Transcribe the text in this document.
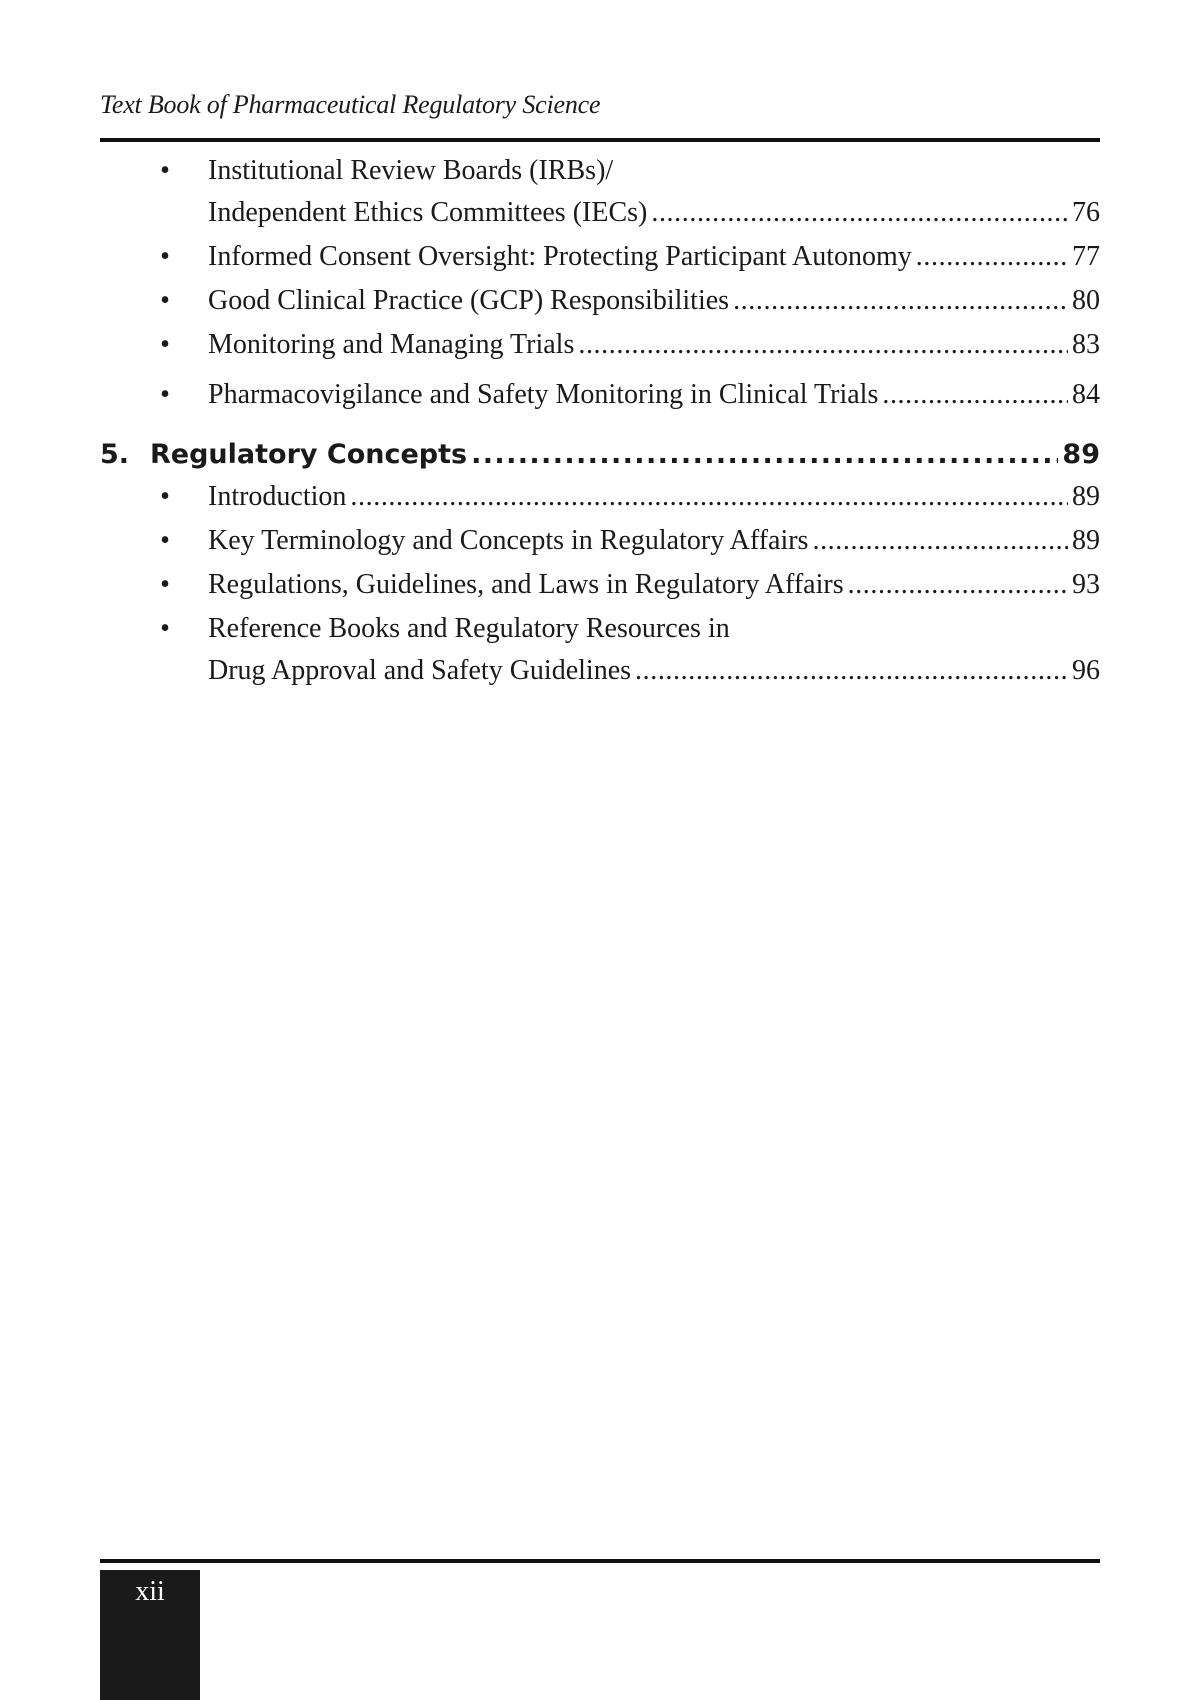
Text Book of Pharmaceutical Regulatory Science
• Institutional Review Boards (IRBs)/
Independent Ethics Committees (IECs) . . .	76
• Informed Consent Oversight: Protecting Participant Autonomy . . .	77
• Good Clinical Practice (GCP) Responsibilities . . .	80
• Monitoring and Managing Trials . . .	83
• Pharmacovigilance and Safety Monitoring in Clinical Trials . . .	84
5. Regulatory Concepts . . .	89
• Introduction . . .	89
• Key Terminology and Concepts in Regulatory Affairs . . .	89
• Regulations, Guidelines, and Laws in Regulatory Affairs . . .	93
• Reference Books and Regulatory Resources in
Drug Approval and Safety Guidelines . . .	96
xii
